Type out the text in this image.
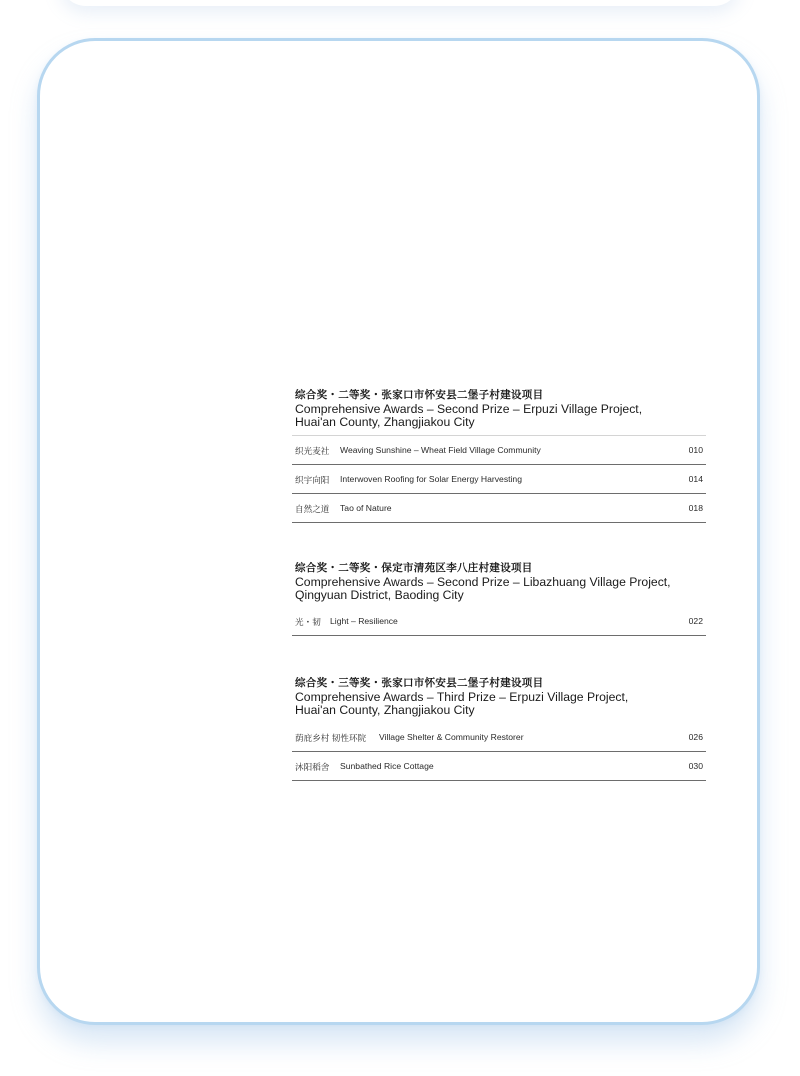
综合奖・二等奖・张家口市怀安县二堡子村建设项目
Comprehensive Awards – Second Prize – Erpuzi Village Project,
Huai'an County, Zhangjiakou City
织光麦社 Weaving Sunshine – Wheat Field Village Community	010
织宇向阳 Interwoven Roofing for Solar Energy Harvesting	014
自然之道 Tao of Nature	018
综合奖・二等奖・保定市清苑区李八庄村建设项目
Comprehensive Awards – Second Prize – Libazhuang Village Project,
Qingyuan District, Baoding City
光・韧 Light – Resilience	022
综合奖・三等奖・张家口市怀安县二堡子村建设项目
Comprehensive Awards – Third Prize – Erpuzi Village Project,
Huai'an County, Zhangjiakou City
荫庇乡村 韧性环院 Village Shelter & Community Restorer	026
沐阳稻舍 Sunbathed Rice Cottage	030
